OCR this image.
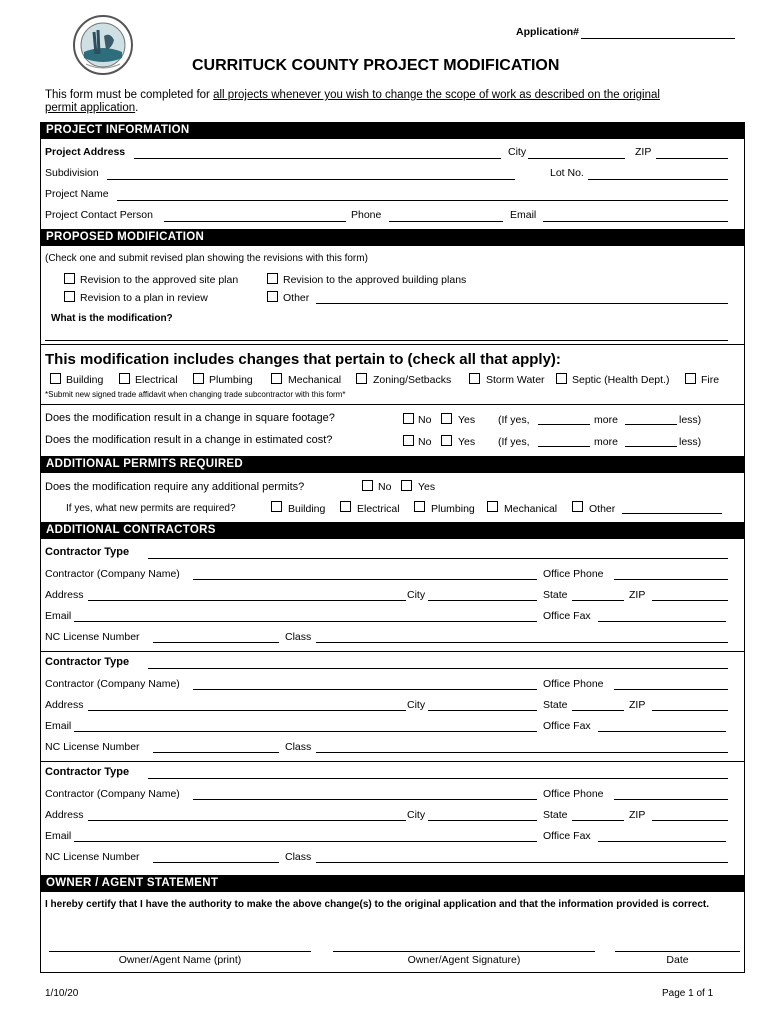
Application#
CURRITUCK COUNTY PROJECT MODIFICATION
This form must be completed for all projects whenever you wish to change the scope of work as described on the original
permit application.
PROJECT INFORMATION
Project Address	City	ZIP
Subdivision	Lot No.
Project Name
Project Contact Person	Phone	Email
PROPOSED MODIFICATION
(Check one and submit revised plan showing the revisions with this form)
Revision to the approved site plan	Revision to the approved building plans
Revision to a plan in review	Other
What is the modification?
This modification includes changes that pertain to (check all that apply):
Building	Electrical	Plumbing	Mechanical	Zoning/Setbacks	Storm Water	Septic (Health Dept.)	Fire
*Submit new signed trade affidavit when changing trade subcontractor with this form*
Does the modification result in a change in square footage?	No	Yes (If yes,	more	less)
Does the modification result in a change in estimated cost?	No	Yes (If yes,	more	less)
ADDITIONAL PERMITS REQUIRED
Does the modification require any additional permits?	No	Yes
If yes, what new permits are required?	Building	Electrical	Plumbing	Mechanical	Other
ADDITIONAL CONTRACTORS
Contractor Type
Contractor (Company Name)	Office Phone
Address	City	State	ZIP
Email	Office Fax
NC License Number	Class
Contractor Type
Contractor (Company Name)	Office Phone
Address	City	State	ZIP
Email	Office Fax
NC License Number	Class
Contractor Type
Contractor (Company Name)	Office Phone
Address	City	State	ZIP
Email	Office Fax
NC License Number	Class
OWNER / AGENT STATEMENT
I hereby certify that I have the authority to make the above change(s) to the original application and that the information provided is correct.
Owner/Agent Name (print)	Owner/Agent Signature)	Date
1/10/20	Page 1 of 1
